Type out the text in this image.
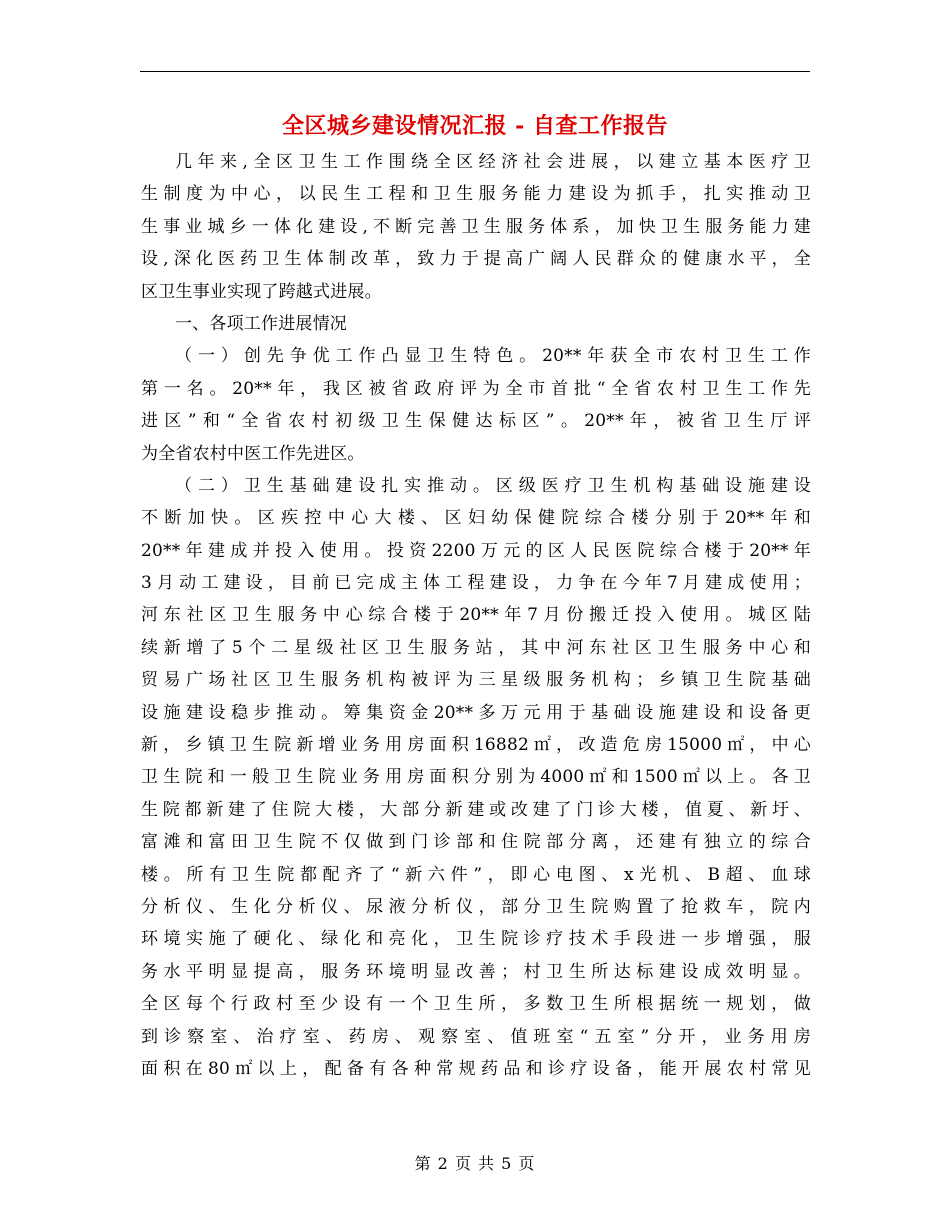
全区城乡建设情况汇报 - 自查工作报告
几年来,全区卫生工作围绕全区经济社会进展，以建立基本医疗卫
生制度为中心，以民生工程和卫生服务能力建设为抓手，扎实推动卫
生事业城乡一体化建设,不断完善卫生服务体系，加快卫生服务能力建
设,深化医药卫生体制改革，致力于提高广阔人民群众的健康水平，全
区卫生事业实现了跨越式进展。
一、各项工作进展情况
（一）创先争优工作凸显卫生特色。20**年获全市农村卫生工作
第一名。20**年，我区被省政府评为全市首批“全省农村卫生工作先
进区”和“全省农村初级卫生保健达标区”。20**年，被省卫生厅评
为全省农村中医工作先进区。
（二）卫生基础建设扎实推动。区级医疗卫生机构基础设施建设
不断加快。区疾控中心大楼、区妇幼保健院综合楼分别于20**年和
20**年建成并投入使用。投资2200万元的区人民医院综合楼于20**年
3月动工建设，目前已完成主体工程建设，力争在今年7月建成使用；
河东社区卫生服务中心综合楼于20**年7月份搬迁投入使用。城区陆
续新增了5个二星级社区卫生服务站，其中河东社区卫生服务中心和
贸易广场社区卫生服务机构被评为三星级服务机构；乡镇卫生院基础
设施建设稳步推动。筹集资金20**多万元用于基础设施建设和设备更
新，乡镇卫生院新增业务用房面积16882㎡，改造危房15000㎡，中心
卫生院和一般卫生院业务用房面积分别为4000㎡和1500㎡以上。各卫
生院都新建了住院大楼，大部分新建或改建了门诊大楼，值夏、新圩、
富滩和富田卫生院不仅做到门诊部和住院部分离，还建有独立的综合
楼。所有卫生院都配齐了“新六件”，即心电图、x光机、B超、血球
分析仪、生化分析仪、尿液分析仪，部分卫生院购置了抢救车，院内
环境实施了硬化、绿化和亮化，卫生院诊疗技术手段进一步增强，服
务水平明显提高，服务环境明显改善；村卫生所达标建设成效明显。
全区每个行政村至少设有一个卫生所，多数卫生所根据统一规划，做
到诊察室、治疗室、药房、观察室、值班室“五室”分开，业务用房
面积在80㎡以上，配备有各种常规药品和诊疗设备，能开展农村常见
第 2 页 共 5 页
